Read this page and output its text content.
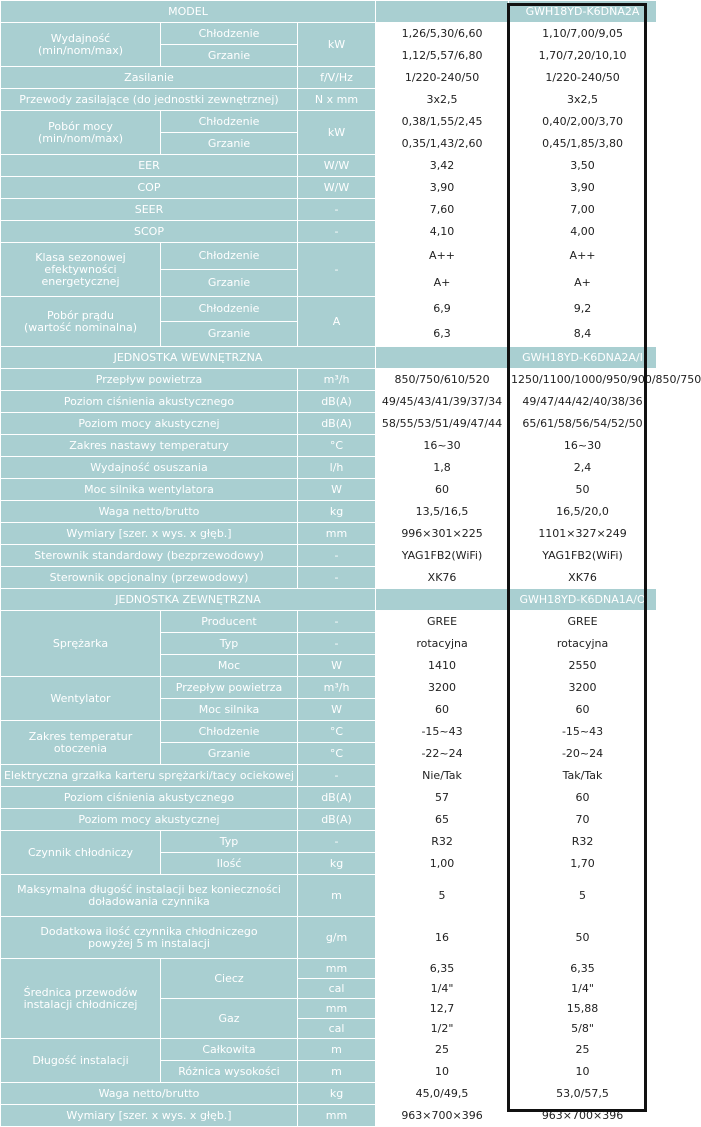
MODEL				GWH18YD-K6DNA2A	
Wydajność
(min/nom/max)	Chłodzenie	kW	1,26/5,30/6,60	1,10/7,00/9,05	
	Grzanie		1,12/5,57/6,80	1,70/7,20/10,10	
Zasilanie		f/V/Hz	1/220-240/50	1/220-240/50	
Przewody zasilające (do jednostki zewnętrznej)		N x mm	3x2,5	3x2,5	
Pobór mocy
(min/nom/max)	Chłodzenie	kW	0,38/1,55/2,45	0,40/2,00/3,70	
	Grzanie		0,35/1,43/2,60	0,45/1,85/3,80	
EER		W/W	3,42	3,50	
COP		W/W	3,90	3,90	
SEER		-	7,60	7,00	
SCOP		-	4,10	4,00	
Klasa sezonowej
efektywności
energetycznej	Chłodzenie	-	A++	A++	
	Grzanie		A+	A+	
Pobór prądu
(wartość nominalna)	Chłodzenie	A	6,9	9,2	
	Grzanie		6,3	8,4	
JEDNOSTKA WEWNĘTRZNA				GWH18YD-K6DNA2A/I	
Przepływ powietrza		m³/h	850/750/610/520	1250/1100/1000/950/900/850/750	
Poziom ciśnienia akustycznego		dB(A)	49/45/43/41/39/37/34	49/47/44/42/40/38/36	
Poziom mocy akustycznej		dB(A)	58/55/53/51/49/47/44	65/61/58/56/54/52/50	
Zakres nastawy temperatury		°C	16~30	16~30	
Wydajność osuszania		l/h	1,8	2,4	
Moc silnika wentylatora		W	60	50	
Waga netto/brutto		kg	13,5/16,5	16,5/20,0	
Wymiary [szer. x wys. x głęb.]		mm	996×301×225	1101×327×249	
Sterownik standardowy (bezprzewodowy)		-	YAG1FB2(WiFi)	YAG1FB2(WiFi)	
Sterownik opcjonalny (przewodowy)		-	XK76	XK76	
JEDNOSTKA ZEWNĘTRZNA				GWH18YD-K6DNA1A/O	
Sprężarka	Producent	-	GREE	GREE	
	Typ	-	rotacyjna	rotacyjna	
	Moc	W	1410	2550	
Wentylator	Przepływ powietrza	m³/h	3200	3200	
	Moc silnika	W	60	60	
Zakres temperatur
otoczenia	Chłodzenie	°C	-15~43	-15~43	
	Grzanie	°C	-22~24	-20~24	
Elektryczna grzałka karteru sprężarki/tacy ociekowej		-	Nie/Tak	Tak/Tak	
Poziom ciśnienia akustycznego		dB(A)	57	60	
Poziom mocy akustycznej		dB(A)	65	70	
Czynnik chłodniczy	Typ	-	R32	R32	
	Ilość	kg	1,00	1,70	
Maksymalna długość instalacji bez konieczności
doładowania czynnika		m	5	5	
Dodatkowa ilość czynnika chłodniczego
powyżej 5 m instalacji		g/m	16	50	
Średnica przewodów
instalacji chłodniczej	Ciecz	mm	6,35	6,35	
		cal	1/4"	1/4"	
	Gaz	mm	12,7	15,88	
		cal	1/2"	5/8"	
Długość instalacji	Całkowita	m	25	25	
	Różnica wysokości	m	10	10	
Waga netto/brutto		kg	45,0/49,5	53,0/57,5	
Wymiary [szer. x wys. x głęb.]		mm	963×700×396	963×700×396	
